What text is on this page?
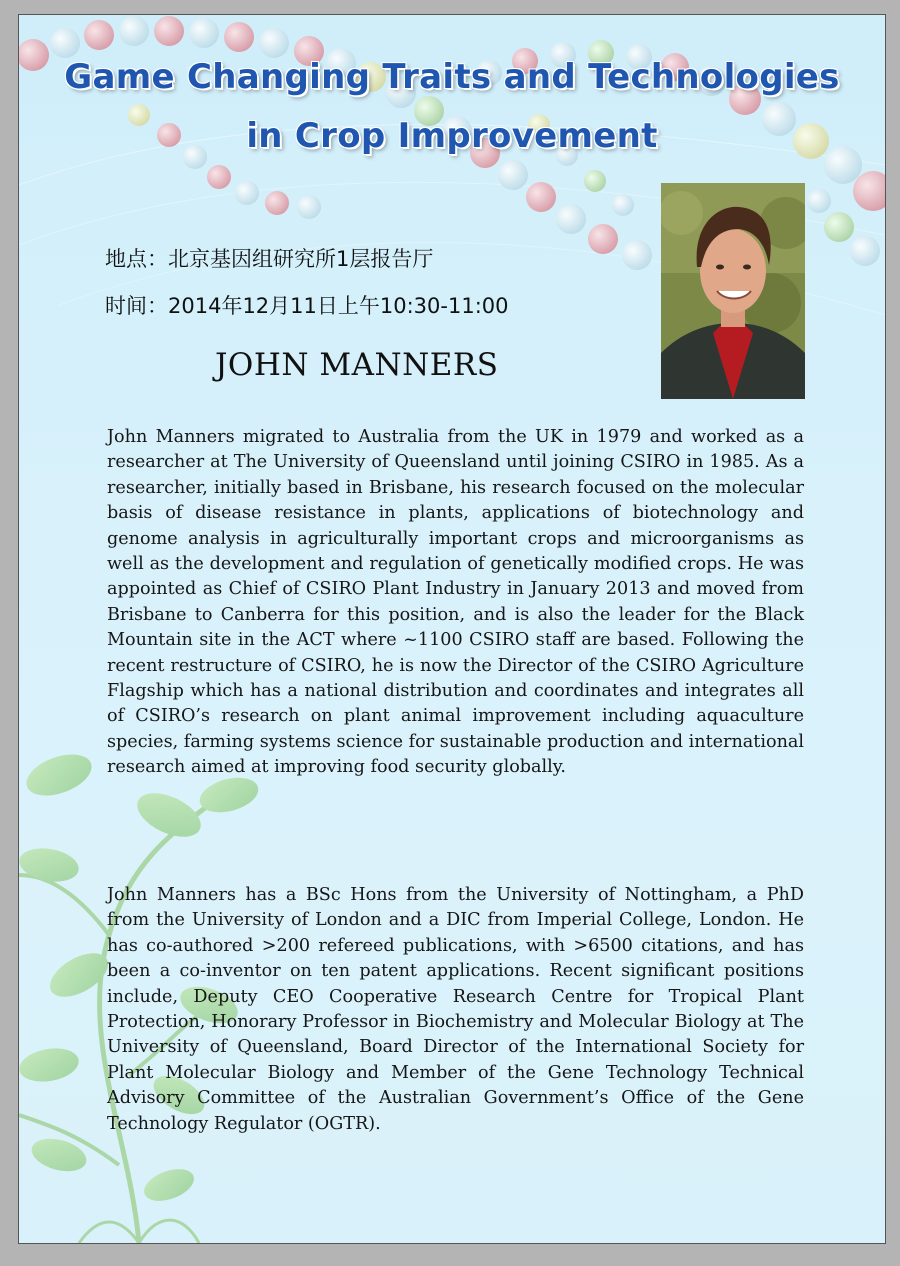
Game Changing Traits and Technologies
in Crop Improvement
地点：北京基因组研究所1层报告厅
时间：2014年12月11日上午10:30-11:00
JOHN MANNERS

John Manners migrated to Australia from the UK in 1979 and worked as a researcher at The University of Queensland until joining CSIRO in 1985. As a researcher, initially based in Brisbane, his research focused on the molecular basis of disease resistance in plants, applications of biotechnology and genome analysis in agriculturally important crops and microorganisms as well as the development and regulation of genetically modified crops. He was appointed as Chief of CSIRO Plant Industry in January 2013 and moved from Brisbane to Canberra for this position, and is also the leader for the Black Mountain site in the ACT where ~1100 CSIRO staff are based. Following the recent restructure of CSIRO, he is now the Director of the CSIRO Agriculture Flagship which has a national distribution and coordinates and integrates all of CSIRO’s research on plant animal improvement including aquaculture species, farming systems science for sustainable production and international research aimed at improving food security globally.

John Manners has a BSc Hons from the University of Nottingham, a PhD from the University of London and a DIC from Imperial College, London. He has co-authored >200 refereed publications, with >6500 citations, and has been a co-inventor on ten patent applications. Recent significant positions include, Deputy CEO Cooperative Research Centre for Tropical Plant Protection, Honorary Professor in Biochemistry and Molecular Biology at The University of Queensland, Board Director of the International Society for Plant Molecular Biology and Member of the Gene Technology Technical Advisory Committee of the Australian Government’s Office of the Gene Technology Regulator (OGTR).
